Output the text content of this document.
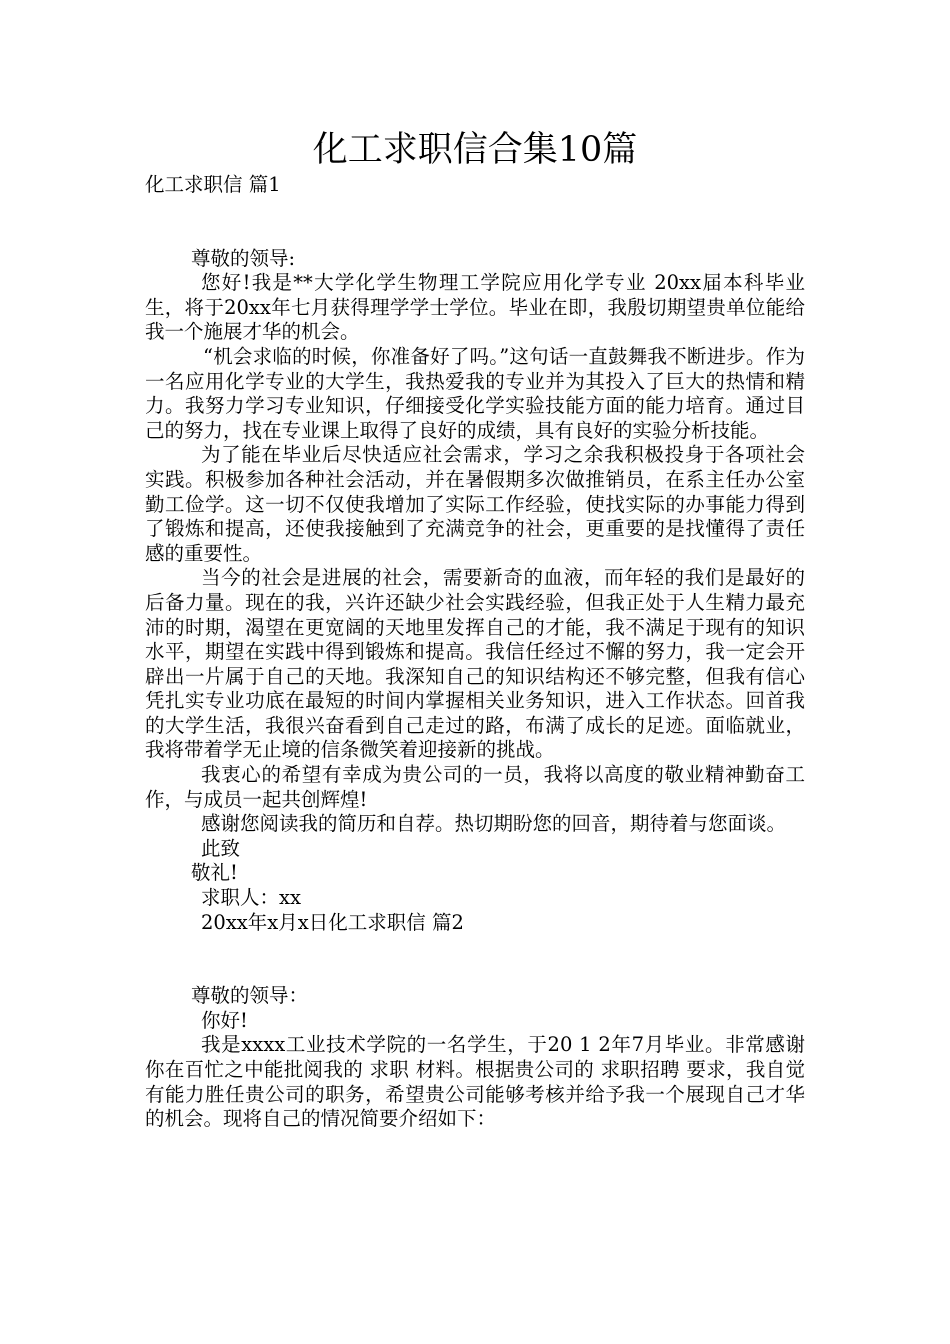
化工求职信合集10篇

化工求职信 篇1

尊敬的领导:

您好!我是**大学化学生物理工学院应用化学专业 20xx届本科毕业生，将于20xx年七月获得理学学士学位。毕业在即，我殷切期望贵单位能给我一个施展才华的机会。

“机会求临的时候，你准备好了吗。”这句话一直鼓舞我不断进步。作为一名应用化学专业的大学生，我热爱我的专业并为其投入了巨大的热情和精力。我努力学习专业知识，仔细接受化学实验技能方面的能力培育。通过目己的努力，找在专业课上取得了良好的成绩，具有良好的实验分析技能。

为了能在毕业后尽快适应社会需求，学习之余我积极投身于各项社会实践。积极参加各种社会活动，并在暑假期多次做推销员，在系主任办公室勤工俭学。这一切不仅使我增加了实际工作经验，使找实际的办事能力得到了锻炼和提高，还使我接触到了充满竞争的社会，更重要的是找懂得了责任感的重要性。

当今的社会是进展的社会，需要新奇的血液，而年轻的我们是最好的后备力量。现在的我，兴许还缺少社会实践经验，但我正处于人生精力最充沛的时期，渴望在更宽阔的天地里发挥自己的才能，我不满足于现有的知识水平，期望在实践中得到锻炼和提高。我信任经过不懈的努力，我一定会开辟出一片属于自己的天地。我深知自己的知识结构还不够完整，但我有信心凭扎实专业功底在最短的时间内掌握相关业务知识，进入工作状态。回首我的大学生活，我很兴奋看到自己走过的路，布满了成长的足迹。面临就业，我将带着学无止境的信条微笑着迎接新的挑战。

我衷心的希望有幸成为贵公司的一员，我将以高度的敬业精神勤奋工作，与成员一起共创辉煌!

感谢您阅读我的简历和自荐。热切期盼您的回音，期待着与您面谈。

此致

敬礼!

求职人：xx

20xx年x月x日化工求职信 篇2

尊敬的领导：

你好!

我是xxxx工业技术学院的一名学生，于20 1 2年7月毕业。非常感谢你在百忙之中能批阅我的 求职 材料。根据贵公司的 求职招聘 要求，我自觉有能力胜任贵公司的职务，希望贵公司能够考核并给予我一个展现自己才华的机会。现将自己的情况简要介绍如下：
